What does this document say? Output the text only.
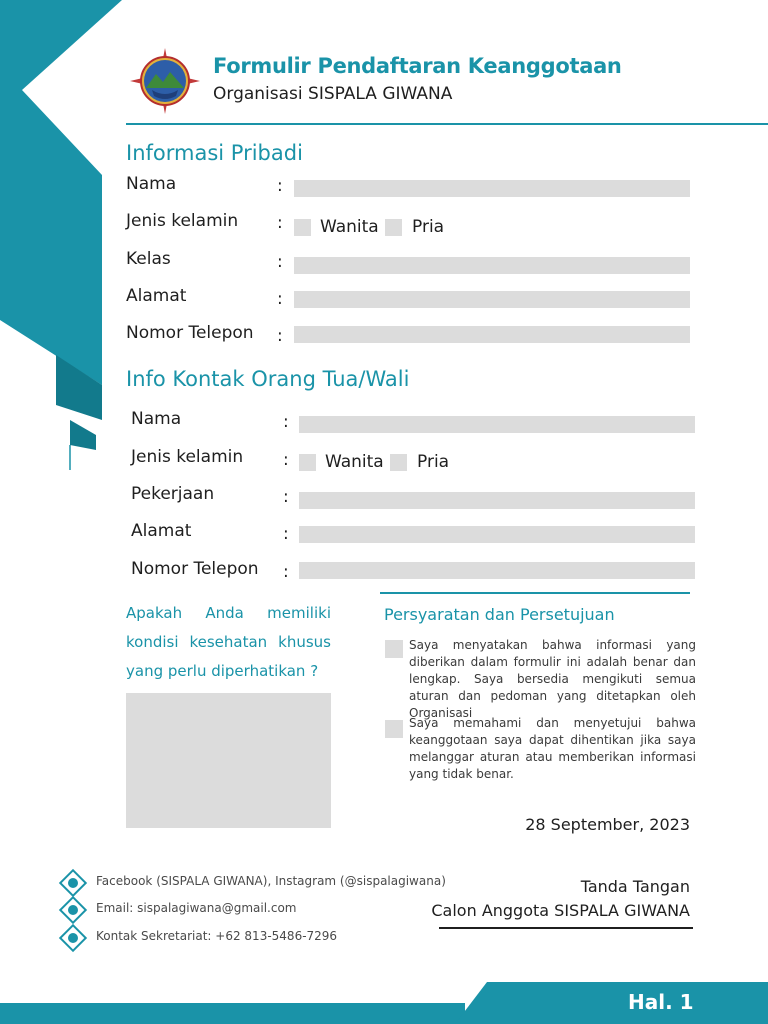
Formulir Pendaftaran Keanggotaan
Organisasi SISPALA GIWANA
Informasi Pribadi
Nama	:
Jenis kelamin : Wanita Pria
Kelas	:
Alamat	:
Nomor Telepon :
Info Kontak Orang Tua/Wali
Nama	:
Jenis kelamin : Wanita Pria
Pekerjaan	:
Alamat	:
Nomor Telepon :
Apakah Anda memiliki kondisi kesehatan khusus yang perlu diperhatikan ?
Persyaratan dan Persetujuan
Saya menyatakan bahwa informasi yang diberikan dalam formulir ini adalah benar dan lengkap. Saya bersedia mengikuti semua aturan dan pedoman yang ditetapkan oleh Organisasi
Saya memahami dan menyetujui bahwa keanggotaan saya dapat dihentikan jika saya melanggar aturan atau memberikan informasi yang tidak benar.
28 September, 2023
Tanda Tangan
Calon Anggota SISPALA GIWANA
Facebook (SISPALA GIWANA), Instagram (@sispalagiwana)
Email: sispalagiwana@gmail.com
Kontak Sekretariat: +62 813-5486-7296
Hal. 1
